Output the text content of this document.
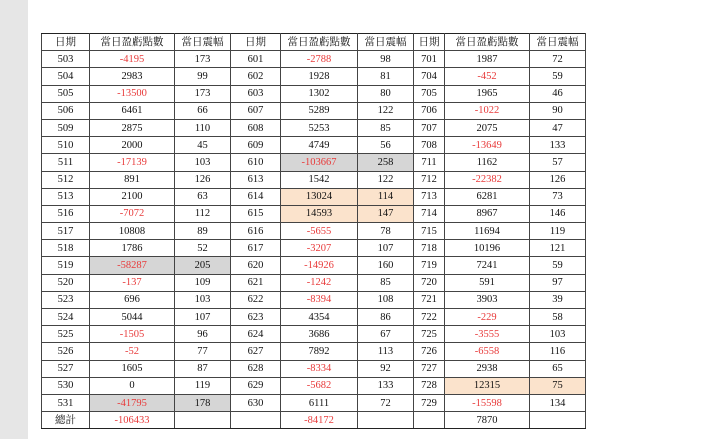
日期	當日盈虧點數	當日震幅	日期	當日盈虧點數	當日震幅	日期	當日盈虧點數	當日震幅
503	-4195	173	601	-2788	98	701	1987	72
504	2983	99	602	1928	81	704	-452	59
505	-13500	173	603	1302	80	705	1965	46
506	6461	66	607	5289	122	706	-1022	90
509	2875	110	608	5253	85	707	2075	47
510	2000	45	609	4749	56	708	-13649	133
511	-17139	103	610	-103667	258	711	1162	57
512	891	126	613	1542	122	712	-22382	126
513	2100	63	614	13024	114	713	6281	73
516	-7072	112	615	14593	147	714	8967	146
517	10808	89	616	-5655	78	715	11694	119
518	1786	52	617	-3207	107	718	10196	121
519	-58287	205	620	-14926	160	719	7241	59
520	-137	109	621	-1242	85	720	591	97
523	696	103	622	-8394	108	721	3903	39
524	5044	107	623	4354	86	722	-229	58
525	-1505	96	624	3686	67	725	-3555	103
526	-52	77	627	7892	113	726	-6558	116
527	1605	87	628	-8334	92	727	2938	65
530	0	119	629	-5682	133	728	12315	75
531	-41795	178	630	6111	72	729	-15598	134
總計	-106433			-84172			7870	
